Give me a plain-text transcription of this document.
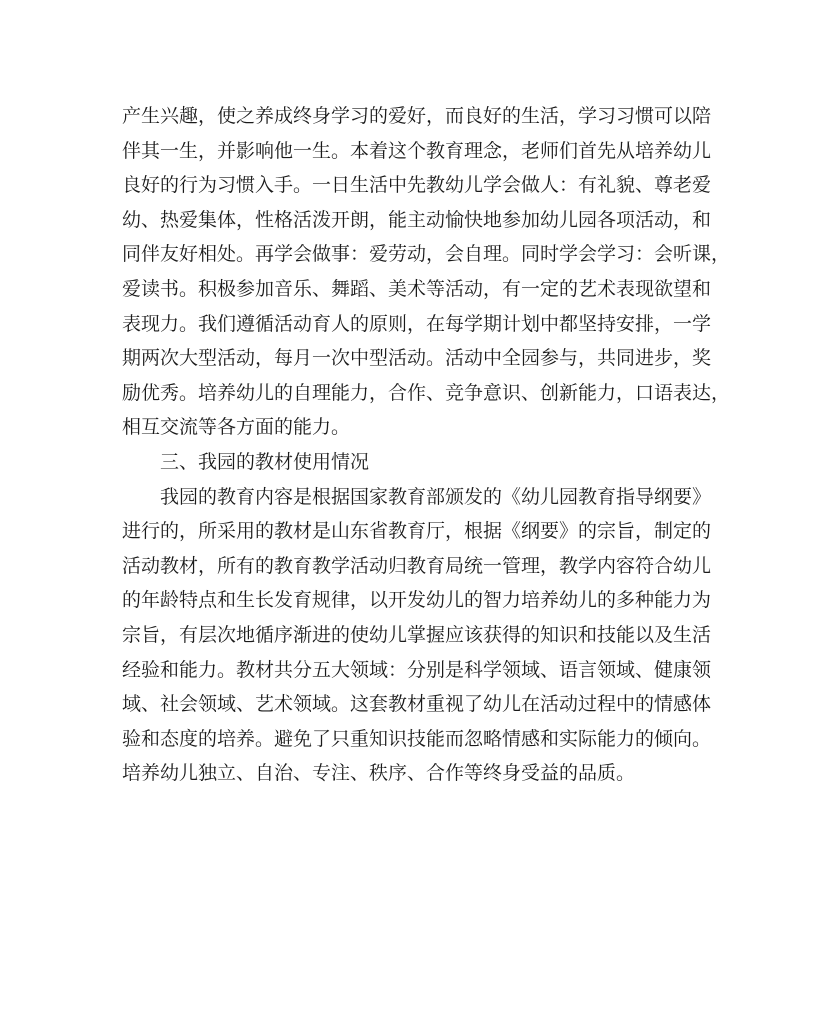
产生兴趣，使之养成终身学习的爱好，而良好的生活，学习习惯可以陪
伴其一生，并影响他一生。本着这个教育理念，老师们首先从培养幼儿
良好的行为习惯入手。一日生活中先教幼儿学会做人：有礼貌、尊老爱
幼、热爱集体，性格活泼开朗，能主动愉快地参加幼儿园各项活动，和
同伴友好相处。再学会做事：爱劳动，会自理。同时学会学习：会听课，
爱读书。积极参加音乐、舞蹈、美术等活动，有一定的艺术表现欲望和
表现力。我们遵循活动育人的原则，在每学期计划中都坚持安排，一学
期两次大型活动，每月一次中型活动。活动中全园参与，共同进步，奖
励优秀。培养幼儿的自理能力，合作、竞争意识、创新能力，口语表达，
相互交流等各方面的能力。
三、我园的教材使用情况
我园的教育内容是根据国家教育部颁发的《幼儿园教育指导纲要》
进行的，所采用的教材是山东省教育厅，根据《纲要》的宗旨，制定的
活动教材，所有的教育教学活动归教育局统一管理，教学内容符合幼儿
的年龄特点和生长发育规律，以开发幼儿的智力培养幼儿的多种能力为
宗旨，有层次地循序渐进的使幼儿掌握应该获得的知识和技能以及生活
经验和能力。教材共分五大领域：分别是科学领域、语言领域、健康领
域、社会领域、艺术领域。这套教材重视了幼儿在活动过程中的情感体
验和态度的培养。避免了只重知识技能而忽略情感和实际能力的倾向。
培养幼儿独立、自治、专注、秩序、合作等终身受益的品质。
